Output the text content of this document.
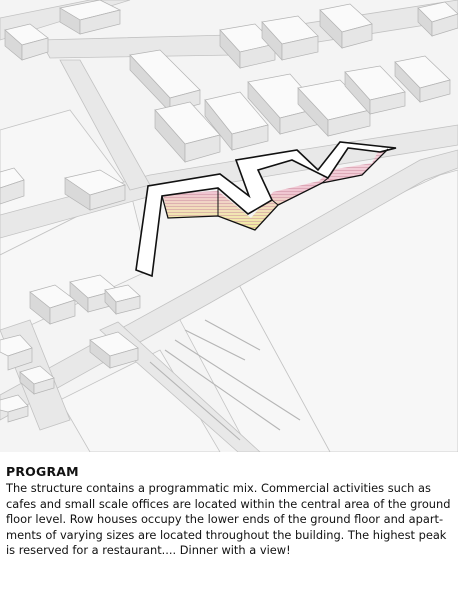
PROGRAM

The structure contains a programmatic mix. Commercial activities such as cafes and small scale offices are located within the central area of the ground floor level. Row houses occupy the lower ends of the ground floor and apart-ments of varying sizes are located throughout the building. The highest peak is reserved for a restaurant.... Dinner with a view!
